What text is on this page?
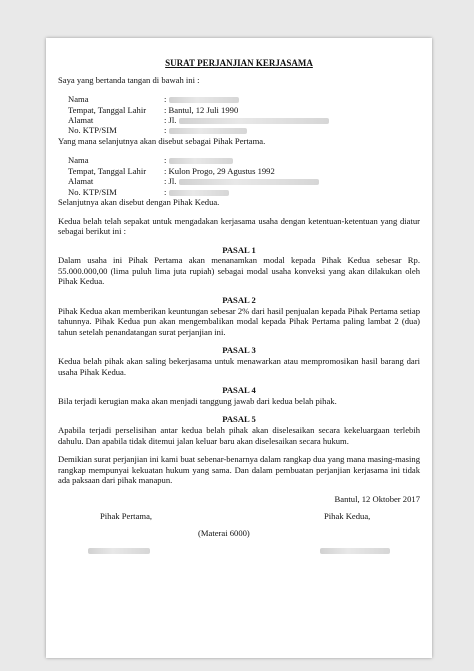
SURAT PERJANJIAN KERJASAMA

Saya yang bertanda tangan di bawah ini :

Nama	:
Tempat, Tanggal Lahir	: Bantul, 12 Juli 1990
Alamat	: Jl.
No. KTP/SIM	:

Yang mana selanjutnya akan disebut sebagai Pihak Pertama.

Nama	:
Tempat, Tanggal Lahir	: Kulon Progo, 29 Agustus 1992
Alamat	: Jl.
No. KTP/SIM	:

Selanjutnya akan disebut dengan Pihak Kedua.

Kedua belah telah sepakat untuk mengadakan kerjasama usaha dengan ketentuan-ketentuan yang diatur sebagai berikut ini :

PASAL 1

Dalam usaha ini Pihak Pertama akan menanamkan modal kepada Pihak Kedua sebesar Rp. 55.000.000,00 (lima puluh lima juta rupiah) sebagai modal usaha konveksi yang akan dilakukan oleh Pihak Kedua.

PASAL 2

Pihak Kedua akan memberikan keuntungan sebesar 2% dari hasil penjualan kepada Pihak Pertama setiap tahunnya. Pihak Kedua pun akan mengembalikan modal kepada Pihak Pertama paling lambat 2 (dua) tahun setelah penandatangan surat perjanjian ini.

PASAL 3

Kedua belah pihak akan saling bekerjasama untuk menawarkan atau mempromosikan hasil barang dari usaha Pihak Kedua.

PASAL 4

Bila terjadi kerugian maka akan menjadi tanggung jawab dari kedua belah pihak.

PASAL 5

Apabila terjadi perselisihan antar kedua belah pihak akan diselesaikan secara kekeluargaan terlebih dahulu. Dan apabila tidak ditemui jalan keluar baru akan diselesaikan secara hukum.

Demikian surat perjanjian ini kami buat sebenar-benarnya dalam rangkap dua yang mana masing-masing rangkap mempunyai kekuatan hukum yang sama. Dan dalam pembuatan perjanjian kerjasama ini tidak ada paksaan dari pihak manapun.

Bantul, 12 Oktober 2017
Pihak Pertama,	Pihak Kedua,
(Materai 6000)
